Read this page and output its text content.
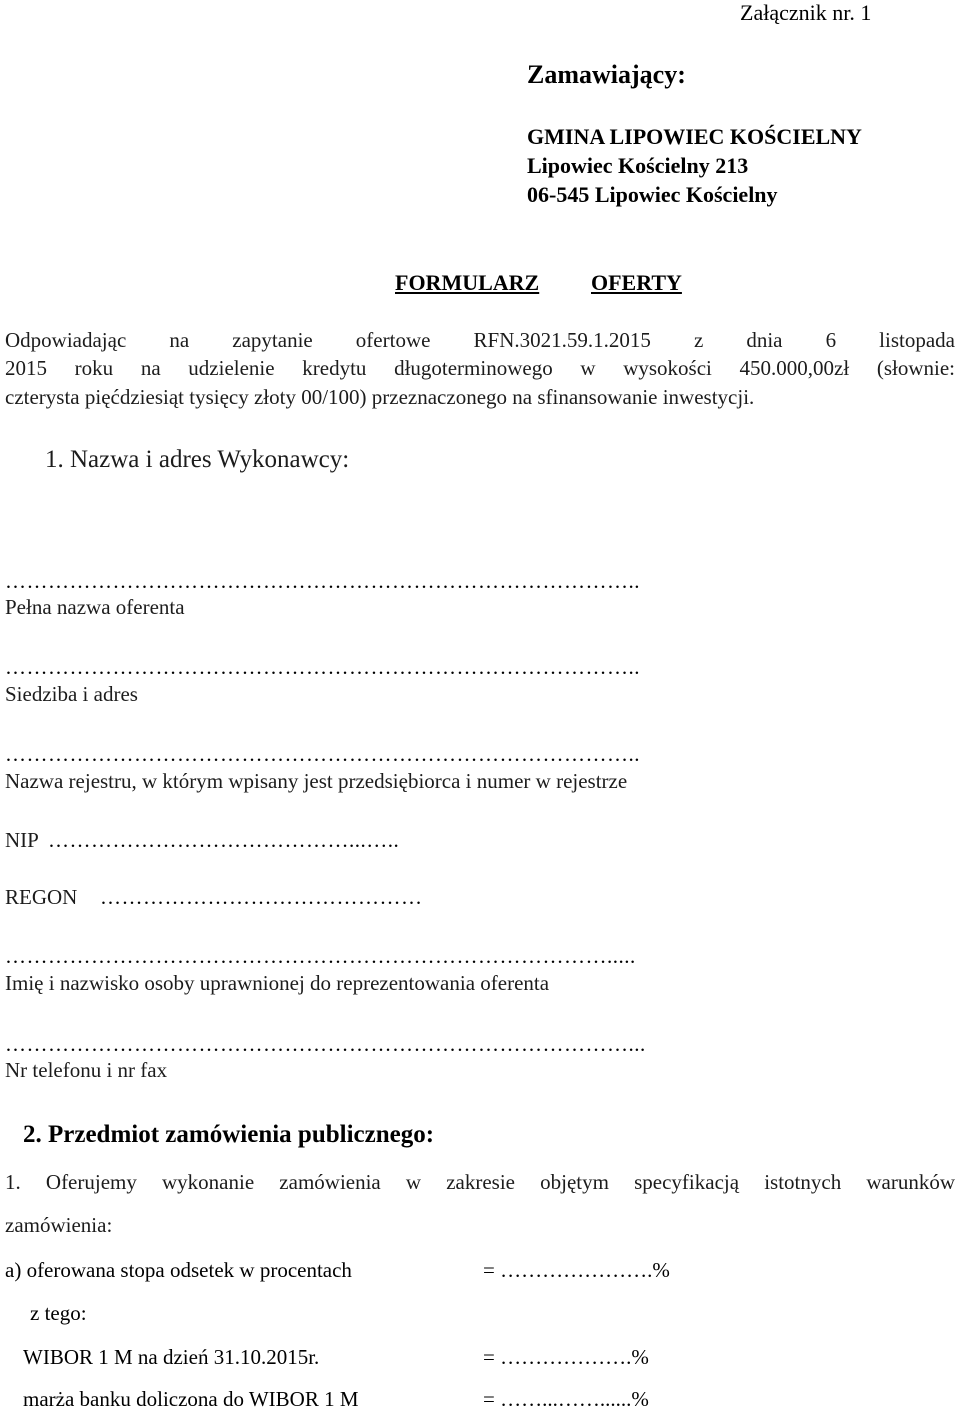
Załącznik nr. 1
Zamawiający:
GMINA LIPOWIEC KOŚCIELNY
Lipowiec Kościelny 213
06-545 Lipowiec Kościelny
FORMULARZ OFERTY
Odpowiadając na zapytanie ofertowe RFN.3021.59.1.2015 z dnia 6 listopada
2015 roku na udzielenie kredytu długoterminowego w wysokości 450.000,00zł (słownie:
czterysta pięćdziesiąt tysięcy złoty 00/100) przeznaczonego na sfinansowanie inwestycji.
1. Nazwa i adres Wykonawcy:
……………………………………………………………………………..
Pełna nazwa oferenta
……………………………………………………………………………..
Siedziba i adres
……………………………………………………………………………..
Nazwa rejestru, w którym wpisany jest przedsiębiorca i numer w rejestrze
NIP ……………………………………...…..
REGON ………………………………………
………………………………………………………………………….....
Imię i nazwisko osoby uprawnionej do reprezentowania oferenta
……………………………………………………………………………...
Nr telefonu i nr fax
2. Przedmiot zamówienia publicznego:
1. Oferujemy wykonanie zamówienia w zakresie objętym specyfikacją istotnych warunków
zamówienia:
a) oferowana stopa odsetek w procentach	= ………………….%
z tego:
WIBOR 1 M na dzień 31.10.2015r.	= ……………….%
marża banku doliczona do WIBOR 1 M	= ……...……......%
